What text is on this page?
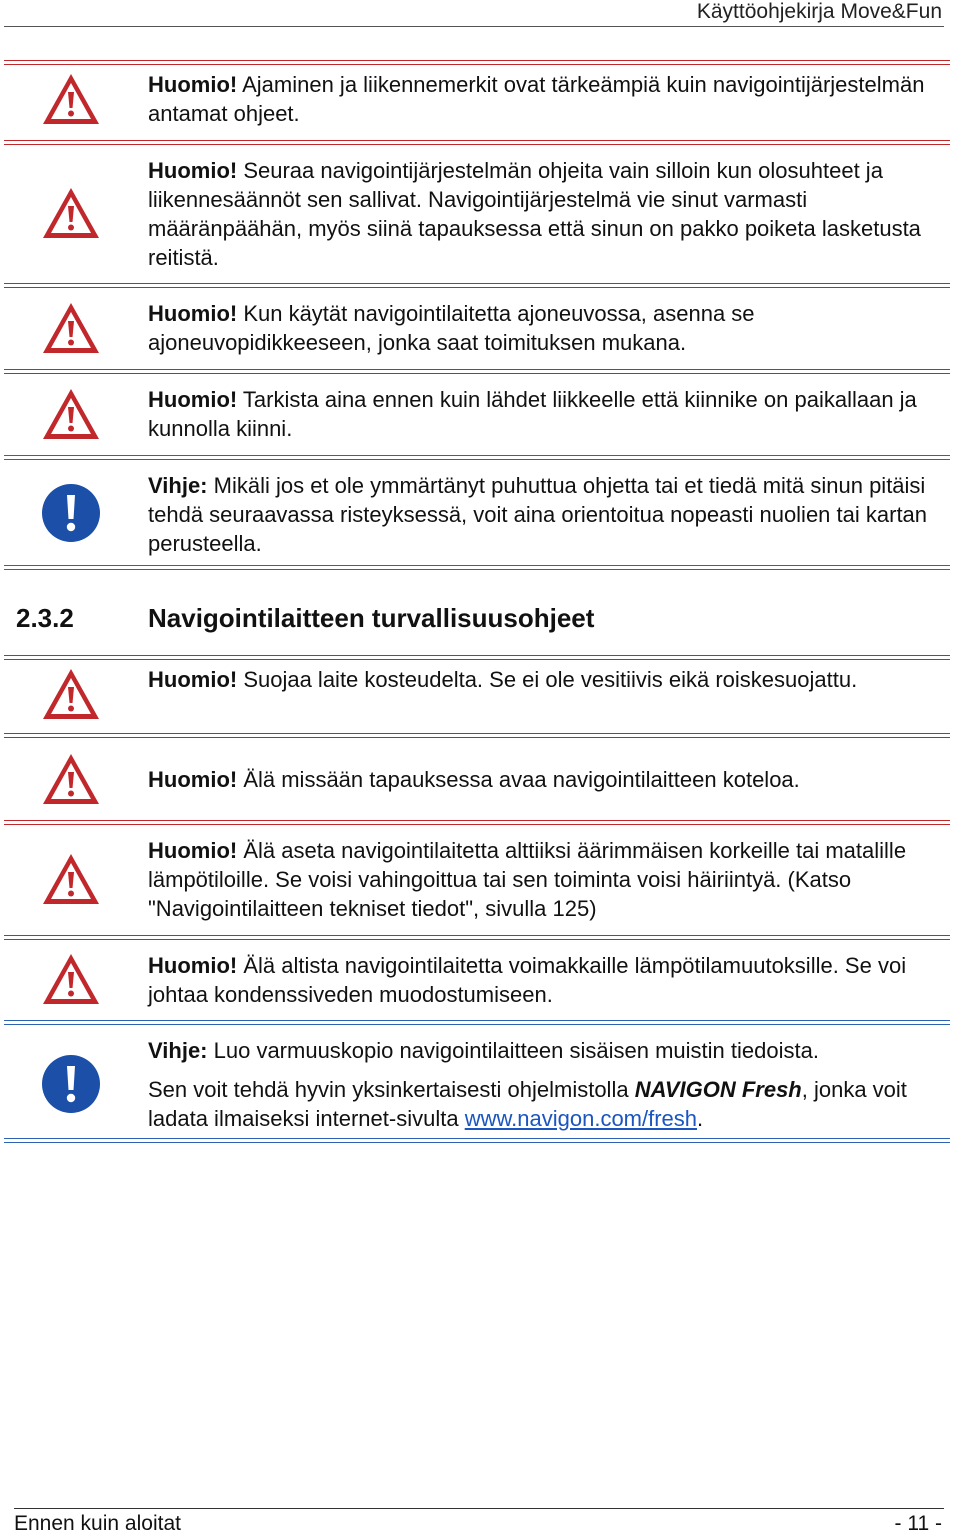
Käyttöohjekirja Move&Fun
Huomio! Ajaminen ja liikennemerkit ovat tärkeämpiä kuin navigointijärjestelmän antamat ohjeet.
Huomio! Seuraa navigointijärjestelmän ohjeita vain silloin kun olosuhteet ja liikennesäännöt sen sallivat. Navigointijärjestelmä vie sinut varmasti määränpäähän, myös siinä tapauksessa että sinun on pakko poiketa lasketusta reitistä.
Huomio! Kun käytät navigointilaitetta ajoneuvossa, asenna se ajoneuvopidikkeeseen, jonka saat toimituksen mukana.
Huomio! Tarkista aina ennen kuin lähdet liikkeelle että kiinnike on paikallaan ja kunnolla kiinni.
Vihje: Mikäli jos et ole ymmärtänyt puhuttua ohjetta tai et tiedä mitä sinun pitäisi tehdä seuraavassa risteyksessä, voit aina orientoitua nopeasti nuolien tai kartan perusteella.
2.3.2	Navigointilaitteen turvallisuusohjeet
Huomio! Suojaa laite kosteudelta. Se ei ole vesitiivis eikä roiskesuojattu.
Huomio! Älä missään tapauksessa avaa navigointilaitteen koteloa.
Huomio! Älä aseta navigointilaitetta alttiiksi äärimmäisen korkeille tai matalille lämpötiloille. Se voisi vahingoittua tai sen toiminta voisi häiriintyä. (Katso "Navigointilaitteen tekniset tiedot", sivulla 125)
Huomio! Älä altista navigointilaitetta voimakkaille lämpötilamuutoksille. Se voi johtaa kondenssiveden muodostumiseen.
Vihje: Luo varmuuskopio navigointilaitteen sisäisen muistin tiedoista.
Sen voit tehdä hyvin yksinkertaisesti ohjelmistolla NAVIGON Fresh, jonka voit ladata ilmaiseksi internet-sivulta www.navigon.com/fresh.
Ennen kuin aloitat	- 11 -
